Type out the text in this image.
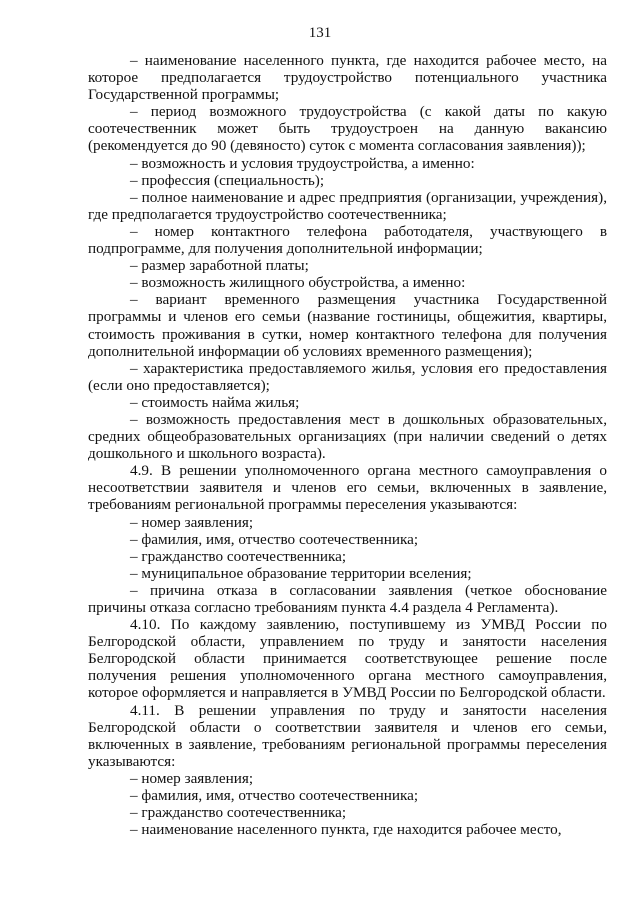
131

– наименование населенного пункта, где находится рабочее место, на которое предполагается трудоустройство потенциального участника Государственной программы;

– период возможного трудоустройства (с какой даты по какую соотечественник может быть трудоустроен на данную вакансию (рекомендуется до 90 (девяносто) суток с момента согласования заявления));

– возможность и условия трудоустройства, а именно:

– профессия (специальность);

– полное наименование и адрес предприятия (организации, учреждения), где предполагается трудоустройство соотечественника;

– номер контактного телефона работодателя, участвующего в подпрограмме, для получения дополнительной информации;

– размер заработной платы;

– возможность жилищного обустройства, а именно:

– вариант временного размещения участника Государственной программы и членов его семьи (название гостиницы, общежития, квартиры, стоимость проживания в сутки, номер контактного телефона для получения дополнительной информации об условиях временного размещения);

– характеристика предоставляемого жилья, условия его предоставления (если оно предоставляется);

– стоимость найма жилья;

– возможность предоставления мест в дошкольных образовательных, средних общеобразовательных организациях (при наличии сведений о детях дошкольного и школьного возраста).

4.9. В решении уполномоченного органа местного самоуправления о несоответствии заявителя и членов его семьи, включенных в заявление, требованиям региональной программы переселения указываются:

– номер заявления;

– фамилия, имя, отчество соотечественника;

– гражданство соотечественника;

– муниципальное образование территории вселения;

– причина отказа в согласовании заявления (четкое обоснование причины отказа согласно требованиям пункта 4.4 раздела 4 Регламента).

4.10. По каждому заявлению, поступившему из УМВД России по Белгородской области, управлением по труду и занятости населения Белгородской области принимается соответствующее решение после получения решения уполномоченного органа местного самоуправления, которое оформляется и направляется в УМВД России по Белгородской области.

4.11. В решении управления по труду и занятости населения Белгородской области о соответствии заявителя и членов его семьи, включенных в заявление, требованиям региональной программы переселения указываются:

– номер заявления;

– фамилия, имя, отчество соотечественника;

– гражданство соотечественника;

– наименование населенного пункта, где находится рабочее место,
